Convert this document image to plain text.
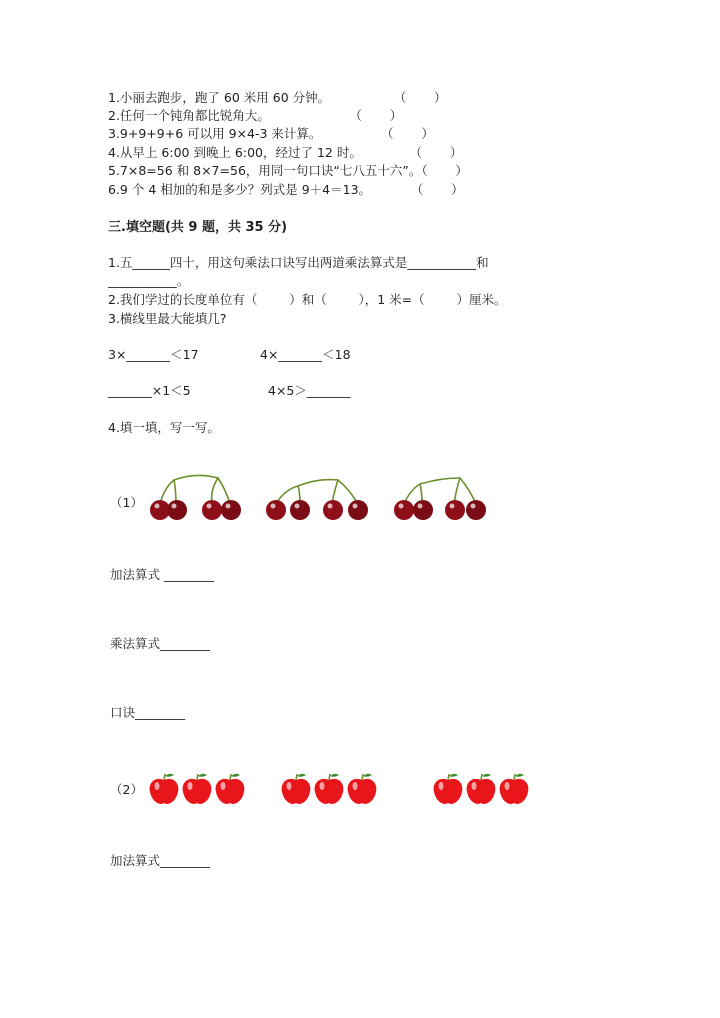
1.小丽去跑步，跑了 60 米用 60 分钟。                （       ）
2.任何一个钝角都比锐角大。                    （       ）
3.9+9+9+6 可以用 9×4-3 来计算。               （       ）
4.从早上 6:00 到晚上 6:00，经过了 12 时。            （       ）
5.7×8=56 和 8×7=56，用同一句口诀“七八五十六”。（       ）
6.9 个 4 相加的和是多少？列式是 9＋4＝13。          （       ）
三.填空题(共 9 题，共 35 分)
1.五______四十，用这句乘法口诀写出两道乘法算式是___________和
___________。
2.我们学过的长度单位有（        ）和（        ），1 米=（        ）厘米。
3.横线里最大能填几?
3×_______＜17	4×_______＜18
_______×1＜5	4×5＞_______
4.填一填，写一写。
（1）
加法算式 ________
乘法算式________
口诀________
（2）
加法算式________
